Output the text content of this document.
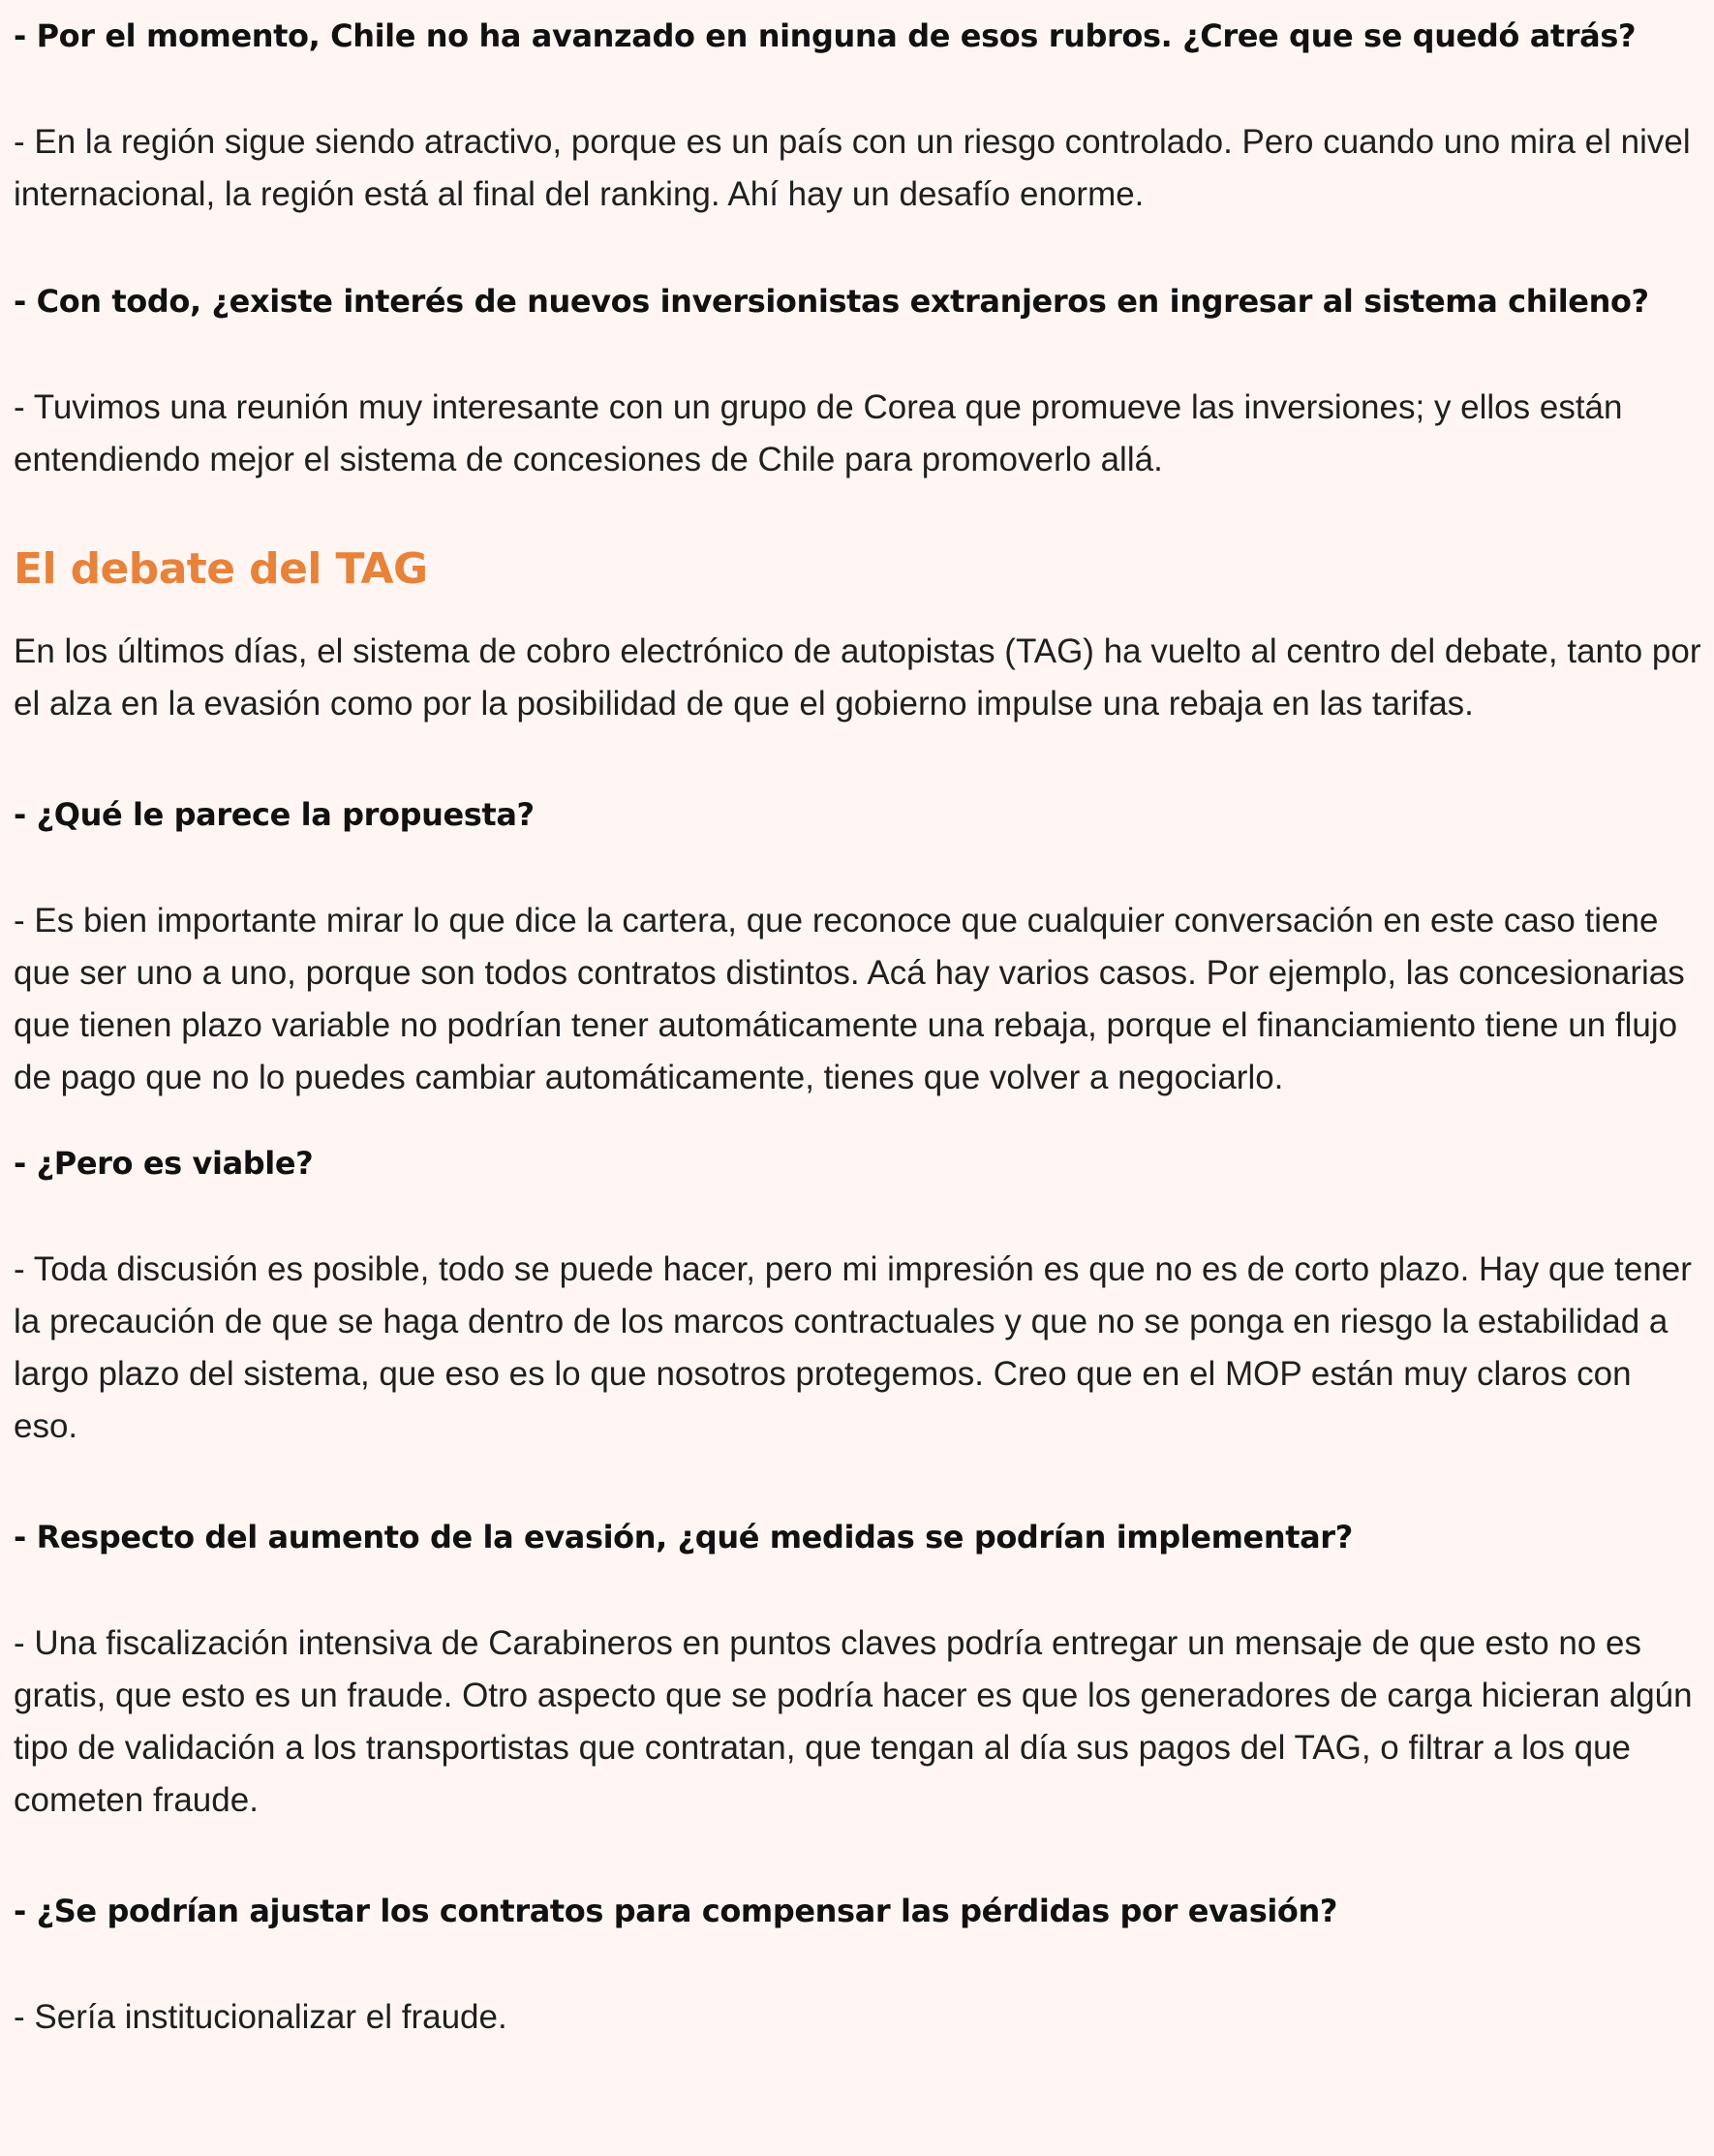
- Por el momento, Chile no ha avanzado en ninguna de esos rubros. ¿Cree que se quedó atrás?

- En la región sigue siendo atractivo, porque es un país con un riesgo controlado. Pero cuando uno mira el nivel internacional, la región está al final del ranking. Ahí hay un desafío enorme.

- Con todo, ¿existe interés de nuevos inversionistas extranjeros en ingresar al sistema chileno?

- Tuvimos una reunión muy interesante con un grupo de Corea que promueve las inversiones; y ellos están entendiendo mejor el sistema de concesiones de Chile para promoverlo allá.

El debate del TAG

En los últimos días, el sistema de cobro electrónico de autopistas (TAG) ha vuelto al centro del debate, tanto por el alza en la evasión como por la posibilidad de que el gobierno impulse una rebaja en las tarifas.

- ¿Qué le parece la propuesta?

- Es bien importante mirar lo que dice la cartera, que reconoce que cualquier conversación en este caso tiene que ser uno a uno, porque son todos contratos distintos. Acá hay varios casos. Por ejemplo, las concesionarias que tienen plazo variable no podrían tener automáticamente una rebaja, porque el financiamiento tiene un flujo de pago que no lo puedes cambiar automáticamente, tienes que volver a negociarlo.

- ¿Pero es viable?

- Toda discusión es posible, todo se puede hacer, pero mi impresión es que no es de corto plazo. Hay que tener la precaución de que se haga dentro de los marcos contractuales y que no se ponga en riesgo la estabilidad a largo plazo del sistema, que eso es lo que nosotros protegemos. Creo que en el MOP están muy claros con eso.

- Respecto del aumento de la evasión, ¿qué medidas se podrían implementar?

- Una fiscalización intensiva de Carabineros en puntos claves podría entregar un mensaje de que esto no es gratis, que esto es un fraude. Otro aspecto que se podría hacer es que los generadores de carga hicieran algún tipo de validación a los transportistas que contratan, que tengan al día sus pagos del TAG, o filtrar a los que cometen fraude.

- ¿Se podrían ajustar los contratos para compensar las pérdidas por evasión?

- Sería institucionalizar el fraude.
